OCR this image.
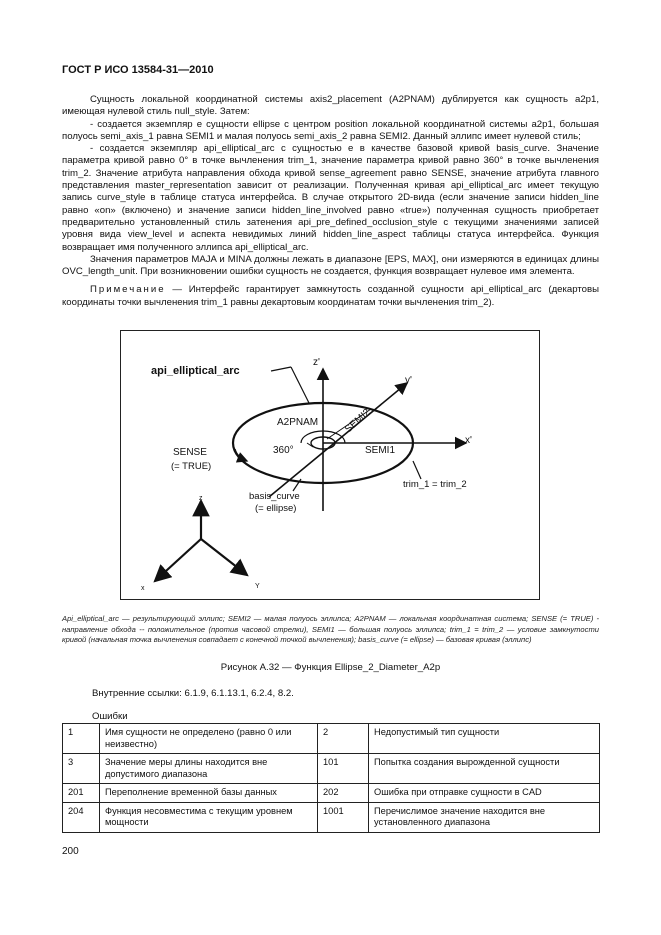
ГОСТ Р ИСО 13584-31—2010

Сущность локальной координатной системы axis2_placement (A2PNAM) дублируется как сущность a2p1, имеющая нулевой стиль null_style. Затем:

- создается экземпляр e сущности ellipse с центром position локальной координатной системы a2p1, большая полуось semi_axis_1 равна SEMI1 и малая полуось semi_axis_2 равна SEMI2. Данный эллипс имеет нулевой стиль;

- создается экземпляр api_elliptical_arc с сущностью e в качестве базовой кривой basis_curve. Значение параметра кривой равно 0° в точке вычленения trim_1, значение параметра кривой равно 360° в точке вычленения trim_2. Значение атрибута направления обхода кривой sense_agreement равно SENSE, значение атрибута главного представления master_representation зависит от реализации. Полученная кривая api_elliptical_arc имеет текущую запись curve_style в таблице статуса интерфейса. В случае открытого 2D-вида (если значение записи hidden_line равно «on» (включено) и значение записи hidden_line_involved равно «true») полученная сущность приобретает предварительно установленный стиль затенения api_pre_defined_occlusion_style с текущими значениями записей уровня вида view_level и аспекта невидимых линий hidden_line_aspect таблицы статуса интерфейса. Функция возвращает имя полученного эллипса api_elliptical_arc.

Значения параметров MAJA и MINA должны лежать в диапазоне [EPS, MAX], они измеряются в единицах длины OVC_length_unit. При возникновении ошибки сущность не создается, функция возвращает нулевое имя элемента.

Примечание — Интерфейс гарантирует замкнутость созданной сущности api_elliptical_arc (декартовы координаты точки вычленения trim_1 равны декартовым координатам точки вычленения trim_2).

api_elliptical_arc
z'
y'
x'
A2PNAM SEMI2
SEMI1
360°
SENSE
(= TRUE)
trim_1 = trim_2
basis_curve
(= ellipse)
z
x	Y
Api_elliptical_arc — результирующий эллипс; SEMI2 — малая полуось эллипса; A2PNAM — локальная координатная система; SENSE (= TRUE) - направление обхода -- положительное (против часовой стрелки), SEMI1 — большая полуось эллипса; trim_1 = trim_2 — условие замкнутости кривой (начальная точка вычленения совпадает с конечной точкой вычленения); basis_curve (= ellipse) — базовая кривая (эллипс)
Рисунок А.32 — Функция Ellipse_2_Diameter_A2p
Внутренние ссылки: 6.1.9, 6.1.13.1, 6.2.4, 8.2.
Ошибки
1	Имя сущности не определено (равно 0 или неизвестно)	2	Недопустимый тип сущности
3	Значение меры длины находится вне допустимого диапазона	101	Попытка создания вырожденной сущности
201	Переполнение временной базы данных	202	Ошибка при отправке сущности в CAD
204	Функция несовместима с текущим уровнем мощности	1001	Перечислимое значение находится вне установленного диапазона
200
